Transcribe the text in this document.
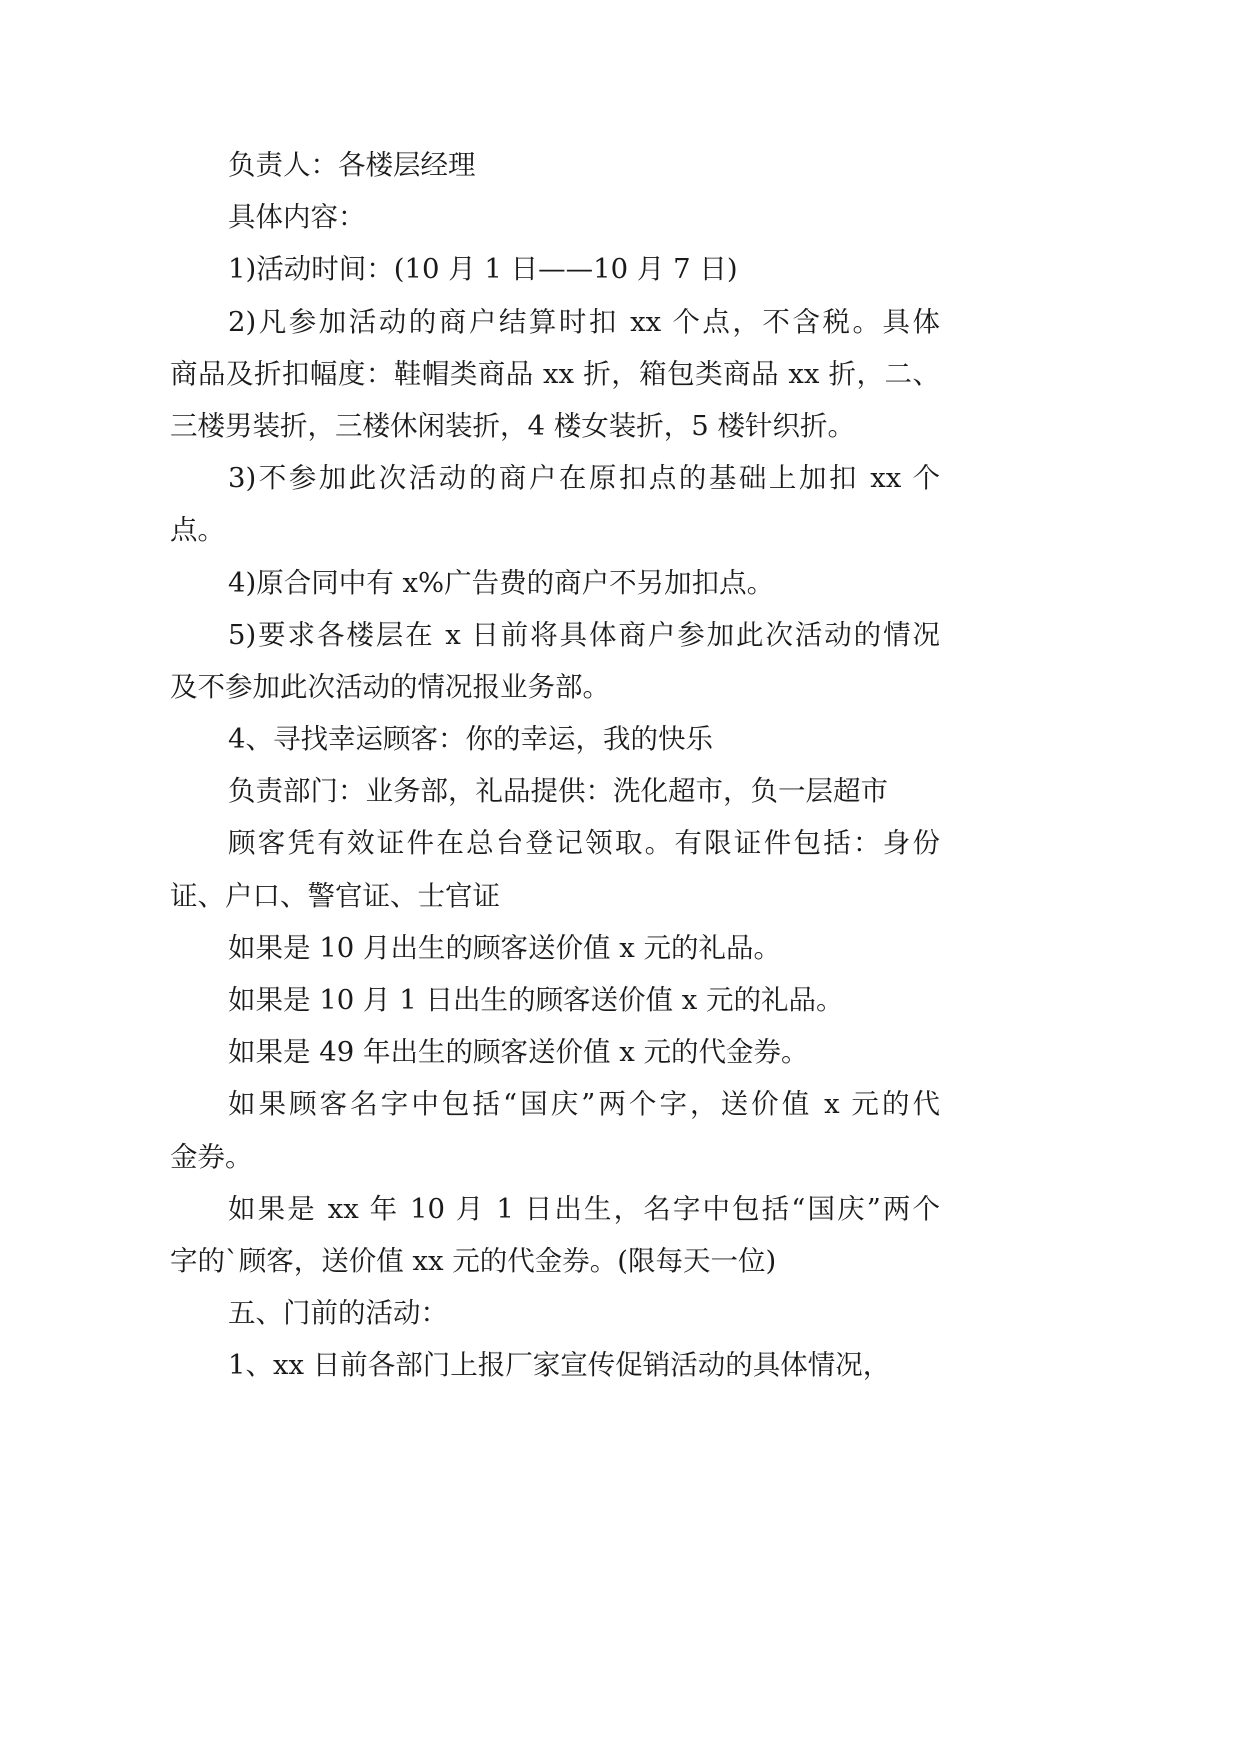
负责人：各楼层经理
具体内容：
1)活动时间：(10 月 1 日——10 月 7 日)
2)凡参加活动的商户结算时扣 xx 个点，不含税。具体
商品及折扣幅度：鞋帽类商品 xx 折，箱包类商品 xx 折，二、
三楼男装折，三楼休闲装折，4 楼女装折，5 楼针织折。
3)不参加此次活动的商户在原扣点的基础上加扣 xx 个
点。
4)原合同中有 x%广告费的商户不另加扣点。
5)要求各楼层在 x 日前将具体商户参加此次活动的情况
及不参加此次活动的情况报业务部。
4、寻找幸运顾客：你的幸运，我的快乐
负责部门：业务部，礼品提供：洗化超市，负一层超市
顾客凭有效证件在总台登记领取。有限证件包括：身份
证、户口、警官证、士官证
如果是 10 月出生的顾客送价值 x 元的礼品。
如果是 10 月 1 日出生的顾客送价值 x 元的礼品。
如果是 49 年出生的顾客送价值 x 元的代金券。
如果顾客名字中包括“国庆”两个字，送价值 x 元的代
金券。
如果是 xx 年 10 月 1 日出生，名字中包括“国庆”两个
字的`顾客，送价值 xx 元的代金券。(限每天一位)
五、门前的活动：
1、xx 日前各部门上报厂家宣传促销活动的具体情况，
